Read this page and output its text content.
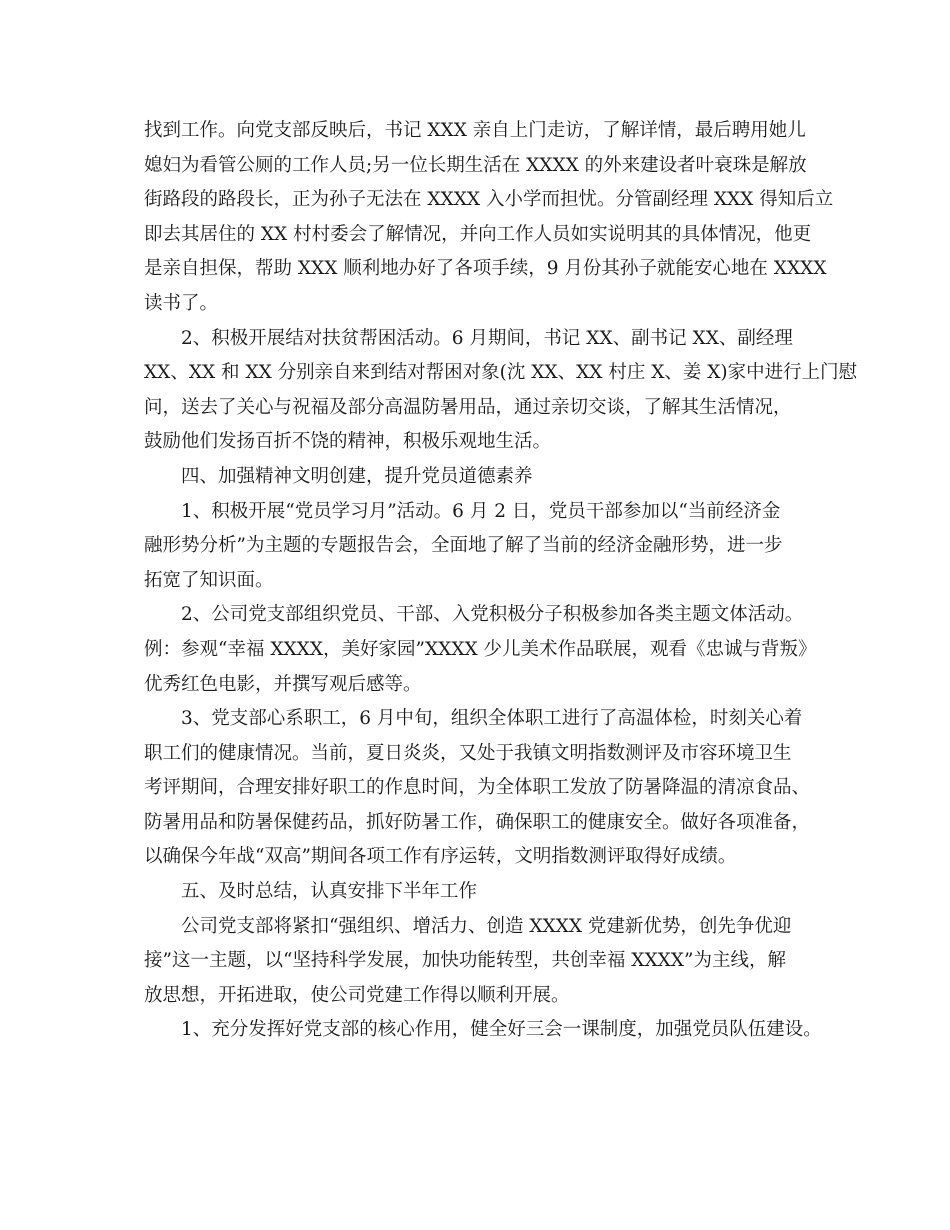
找到工作。向党支部反映后，书记 XXX 亲自上门走访，了解详情，最后聘用她儿

媳妇为看管公厕的工作人员;另一位长期生活在 XXXX 的外来建设者叶衰珠是解放

街路段的路段长，正为孙子无法在 XXXX 入小学而担忧。分管副经理 XXX 得知后立

即去其居住的 XX 村村委会了解情况，并向工作人员如实说明其的具体情况，他更

是亲自担保，帮助 XXX 顺利地办好了各项手续，9 月份其孙子就能安心地在 XXXX

读书了。

2、积极开展结对扶贫帮困活动。6 月期间，书记 XX、副书记 XX、副经理

XX、XX 和 XX 分别亲自来到结对帮困对象(沈 XX、XX 村庄 X、姜 X)家中进行上门慰

问，送去了关心与祝福及部分高温防暑用品，通过亲切交谈，了解其生活情况，

鼓励他们发扬百折不饶的精神，积极乐观地生活。

四、加强精神文明创建，提升党员道德素养

1、积极开展“党员学习月”活动。6 月 2 日，党员干部参加以“当前经济金

融形势分析”为主题的专题报告会，全面地了解了当前的经济金融形势，进一步

拓宽了知识面。

2、公司党支部组织党员、干部、入党积极分子积极参加各类主题文体活动。

例：参观“幸福 XXXX，美好家园”XXXX 少儿美术作品联展，观看《忠诚与背叛》

优秀红色电影，并撰写观后感等。

3、党支部心系职工，6 月中旬，组织全体职工进行了高温体检，时刻关心着

职工们的健康情况。当前，夏日炎炎，又处于我镇文明指数测评及市容环境卫生

考评期间，合理安排好职工的作息时间，为全体职工发放了防暑降温的清凉食品、

防暑用品和防暑保健药品，抓好防暑工作，确保职工的健康安全。做好各项准备，

以确保今年战“双高”期间各项工作有序运转，文明指数测评取得好成绩。

五、及时总结，认真安排下半年工作

公司党支部将紧扣“强组织、增活力、创造 XXXX 党建新优势，创先争优迎

接”这一主题，以“坚持科学发展，加快功能转型，共创幸福 XXXX”为主线，解

放思想，开拓进取，使公司党建工作得以顺利开展。

1、充分发挥好党支部的核心作用，健全好三会一课制度，加强党员队伍建设。
